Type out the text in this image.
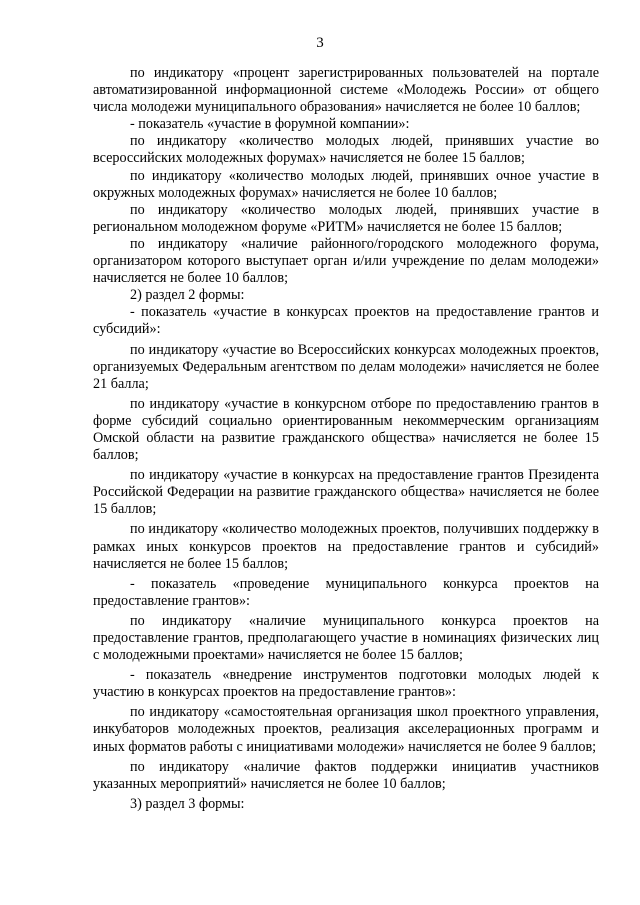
3

по индикатору «процент зарегистрированных пользователей на портале автоматизированной информационной системе «Молодежь России» от общего числа молодежи муниципального образования» начисляется не более 10 баллов;

- показатель «участие в форумной компании»:

по индикатору «количество молодых людей, принявших участие во всероссийских молодежных форумах» начисляется не более 15 баллов;

по индикатору «количество молодых людей, принявших очное участие в окружных молодежных форумах» начисляется не более 10 баллов;

по индикатору «количество молодых людей, принявших участие в региональном молодежном форуме «РИТМ» начисляется не более 15 баллов;

по индикатору «наличие районного/городского молодежного форума, организатором которого выступает орган и/или учреждение по делам молодежи» начисляется не более 10 баллов;

2) раздел 2 формы:

- показатель «участие в конкурсах проектов на предоставление грантов и субсидий»:

по индикатору «участие во Всероссийских конкурсах молодежных проектов, организуемых Федеральным агентством по делам молодежи» начисляется не более 21 балла;

по индикатору «участие в конкурсном отборе по предоставлению грантов в форме субсидий социально ориентированным некоммерческим организациям Омской области на развитие гражданского общества» начисляется не более 15 баллов;

по индикатору «участие в конкурсах на предоставление грантов Президента Российской Федерации на развитие гражданского общества» начисляется не более 15 баллов;

по индикатору «количество молодежных проектов, получивших поддержку в рамках иных конкурсов проектов на предоставление грантов и субсидий» начисляется не более 15 баллов;

- показатель «проведение муниципального конкурса проектов на предоставление грантов»:

по индикатору «наличие муниципального конкурса проектов на предоставление грантов, предполагающего участие в номинациях физических лиц с молодежными проектами» начисляется не более 15 баллов;

- показатель «внедрение инструментов подготовки молодых людей к участию в конкурсах проектов на предоставление грантов»:

по индикатору «самостоятельная организация школ проектного управления, инкубаторов молодежных проектов, реализация акселерационных программ и иных форматов работы с инициативами молодежи» начисляется не более 9 баллов;

по индикатору «наличие фактов поддержки инициатив участников указанных мероприятий» начисляется не более 10 баллов;

3) раздел 3 формы:
